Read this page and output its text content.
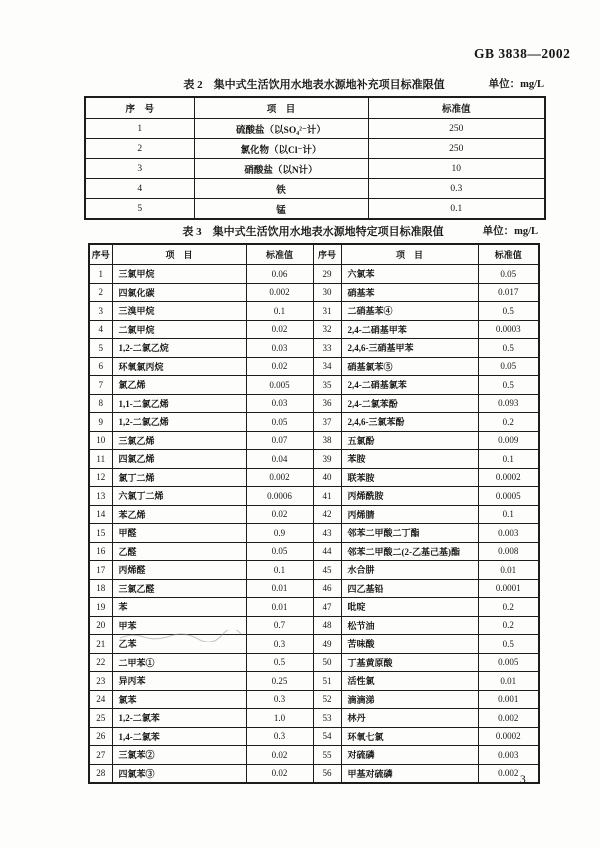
GB 3838—2002
表 2　集中式生活饮用水地表水源地补充项目标准限值	单位：mg/L
序　号	项　目	标准值
1	硫酸盐（以SO₄²⁻计）	250
2	氯化物（以Cl⁻计）	250
3	硝酸盐（以N计）	10
4	铁	0.3
5	锰	0.1
表 3　集中式生活饮用水地表水源地特定项目标准限值	单位：mg/L
序号	项　目	标准值	序号	项　目	标准值
1	三氯甲烷	0.06	29	六氯苯	0.05
2	四氯化碳	0.002	30	硝基苯	0.017
3	三溴甲烷	0.1	31	二硝基苯④	0.5
4	二氯甲烷	0.02	32	2,4-二硝基甲苯	0.0003
5	1,2-二氯乙烷	0.03	33	2,4,6-三硝基甲苯	0.5
6	环氧氯丙烷	0.02	34	硝基氯苯⑤	0.05
7	氯乙烯	0.005	35	2,4-二硝基氯苯	0.5
8	1,1-二氯乙烯	0.03	36	2,4-二氯苯酚	0.093
9	1,2-二氯乙烯	0.05	37	2,4,6-三氯苯酚	0.2
10	三氯乙烯	0.07	38	五氯酚	0.009
11	四氯乙烯	0.04	39	苯胺	0.1
12	氯丁二烯	0.002	40	联苯胺	0.0002
13	六氯丁二烯	0.0006	41	丙烯酰胺	0.0005
14	苯乙烯	0.02	42	丙烯腈	0.1
15	甲醛	0.9	43	邻苯二甲酸二丁酯	0.003
16	乙醛	0.05	44	邻苯二甲酸二(2-乙基己基)酯	0.008
17	丙烯醛	0.1	45	水合肼	0.01
18	三氯乙醛	0.01	46	四乙基铅	0.0001
19	苯	0.01	47	吡啶	0.2
20	甲苯	0.7	48	松节油	0.2
21	乙苯	0.3	49	苦味酸	0.5
22	二甲苯①	0.5	50	丁基黄原酸	0.005
23	异丙苯	0.25	51	活性氯	0.01
24	氯苯	0.3	52	滴滴涕	0.001
25	1,2-二氯苯	1.0	53	林丹	0.002
26	1,4-二氯苯	0.3	54	环氧七氯	0.0002
27	三氯苯②	0.02	55	对硫磷	0.003
28	四氯苯③	0.02	56	甲基对硫磷	0.002
3
